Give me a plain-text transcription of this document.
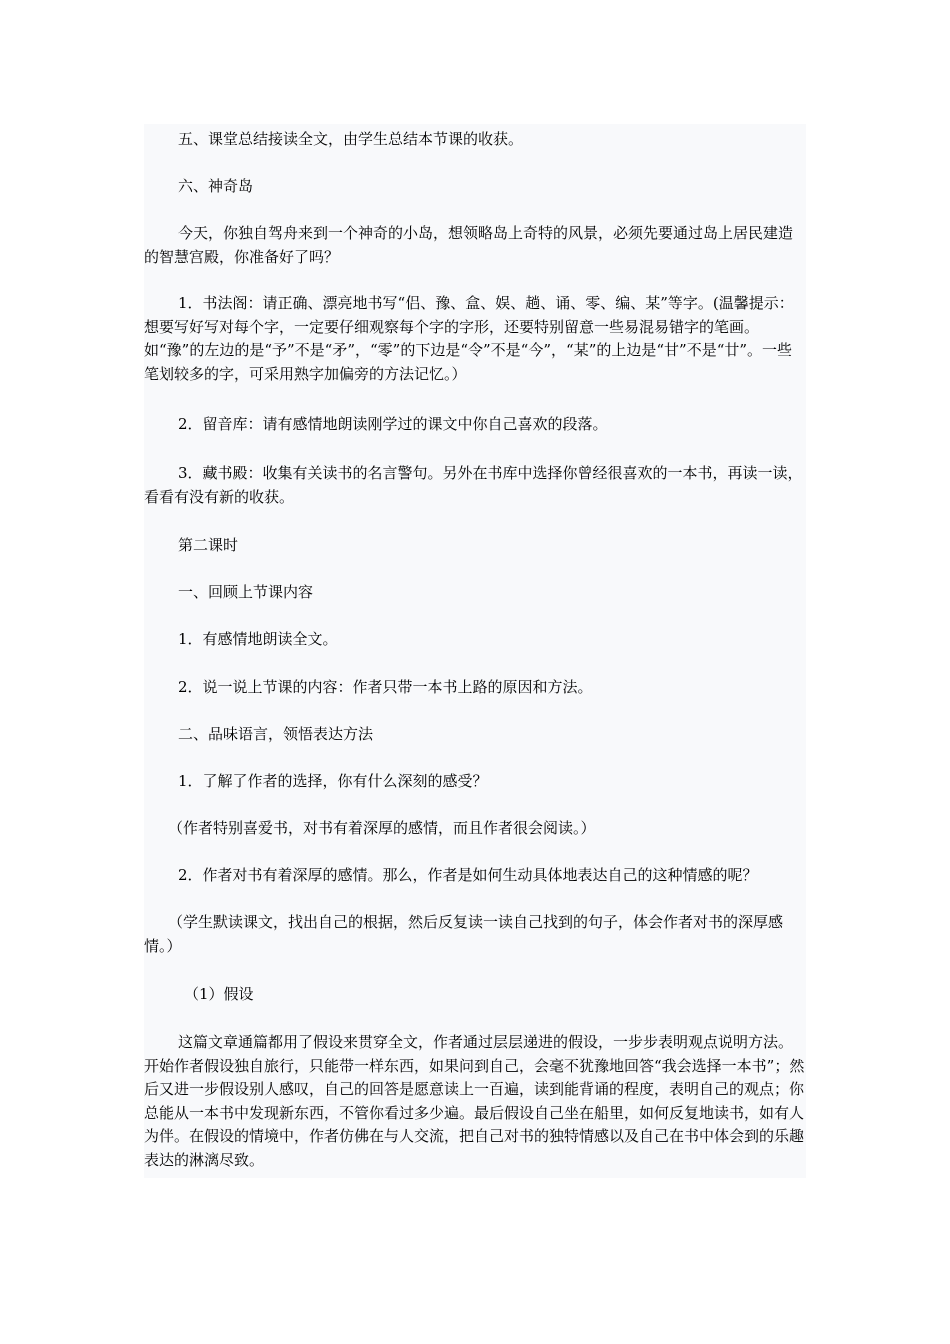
五、课堂总结接读全文，由学生总结本节课的收获。

六、神奇岛

今天，你独自驾舟来到一个神奇的小岛，想领略岛上奇特的风景，必须先要通过岛上居民建造的智慧宫殿，你准备好了吗？

1．书法阁：请正确、漂亮地书写“侣、豫、盒、娱、趟、诵、零、编、某”等字。(温馨提示：想要写好写对每个字，一定要仔细观察每个字的字形，还要特别留意一些易混易错字的笔画。如“豫”的左边的是“予”不是“矛”，“零”的下边是“令”不是“今”，“某”的上边是“甘”不是“廿”。一些笔划较多的字，可采用熟字加偏旁的方法记忆。）

2．留音库：请有感情地朗读刚学过的课文中你自己喜欢的段落。

3．藏书殿：收集有关读书的名言警句。另外在书库中选择你曾经很喜欢的一本书，再读一读，看看有没有新的收获。

第二课时

一、回顾上节课内容

1．有感情地朗读全文。

2．说一说上节课的内容：作者只带一本书上路的原因和方法。

二、品味语言，领悟表达方法

1．了解了作者的选择，你有什么深刻的感受？

（作者特别喜爱书，对书有着深厚的感情，而且作者很会阅读。）

2．作者对书有着深厚的感情。那么，作者是如何生动具体地表达自己的这种情感的呢？

（学生默读课文，找出自己的根据，然后反复读一读自己找到的句子，体会作者对书的深厚感情。）

（1）假设

这篇文章通篇都用了假设来贯穿全文，作者通过层层递进的假设，一步步表明观点说明方法。开始作者假设独自旅行，只能带一样东西，如果问到自己，会毫不犹豫地回答“我会选择一本书”；然后又进一步假设别人感叹，自己的回答是愿意读上一百遍，读到能背诵的程度，表明自己的观点；你总能从一本书中发现新东西，不管你看过多少遍。最后假设自己坐在船里，如何反复地读书，如有人为伴。在假设的情境中，作者仿佛在与人交流，把自己对书的独特情感以及自己在书中体会到的乐趣表达的淋漓尽致。
